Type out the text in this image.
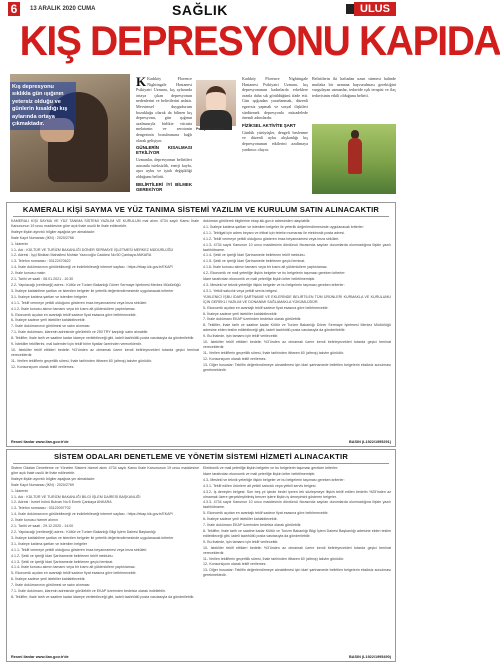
6	13 ARALIK 2020 CUMA	SAĞLIK	ULUS
KIŞ DEPRESYONU KAPIDA
Kış depresyonu sıklıkla gün ışığının yetersiz olduğu ve günlerin kısaldığı kış aylarında ortaya çıkmaktadır.
K Kadıköy Florence Nightingale Hastanesi Psikiyatri Uzmanı, kış aylarında ortaya çıkan depresyonun nedenlerini ve belirtilerini anlattı. Mevsimsel duygudurum bozukluğu olarak da bilinen kış depresyonu, gün ışığının azalmasıyla birlikte vücutta melatonin ve serotonin dengesinin bozulmasına bağlı olarak gelişiyor.
GÜNLERİN KISALMASI ETKİLİYOR
Uzmanlar, depresyonun belirtileri arasında isteksizlik, enerji kaybı, aşırı uyku ve iştah değişikliği olduğunu belirtti.
BELİRTİLERİ İYİ BİLMEK GEREKİYOR
Psikiyatri Uzmanı
Kadıköy Florence Nightingale Hastanesi Psikiyatri Uzmanı, kış depresyonunun kadınlarda erkeklere oranla daha sık görüldüğünü ifade etti. Gün ışığından yararlanmak, düzenli egzersiz yapmak ve sosyal ilişkileri sürdürmek depresyonla mücadelede önemli adımlardır.
FİZİKSEL AKTİVİTE ŞART
Günlük yürüyüşler, dengeli beslenme ve düzenli uyku alışkanlığı kış depresyonunun etkilerini azaltmaya yardımcı oluyor.
Belirtilerin iki haftadan uzun sürmesi halinde mutlaka bir uzmana başvurulması gerektiğini vurgulayan uzmanlar, tedavide ışık terapisi ve ilaç tedavisinin etkili olduğunu belirtti.
KAMERALI KİŞİ SAYMA VE YÜZ TANIMA SİSTEMİ YAZILIM VE KURULUM SATIN ALINACAKTIR

KAMERALI KİŞİ SAYMA VE YÜZ TANIMA SİSTEMİ YAZILIM VE KURULUM mal alımı 4734 sayılı Kamu İhale Kanununun 19 uncu maddesine göre açık ihale usulü ile ihale edilecektir.

İhaleye ilişkin ayrıntılı bilgiler aşağıda yer almaktadır:

İhale Kayıt Numarası (İKN) : 2020/2766

1- İdarenin

1.1- Adı : KÜLTÜR VE TURİZM BAKANLIĞI DÖNER SERMAYE İŞLETMESİ MERKEZ MÜDÜRLÜĞÜ

1.2- Adresi : İşçi Blokları Mahallesi Muhsin Yazıcıoğlu Caddesi No:50 Çankaya ANKARA

1.3- Telefon numarası : 03122470622

1.4- İhale dokümanının görülebileceği ve indirilebileceği internet sayfası : https://ekap.kik.gov.tr/EKAP/

2- İhale konusu malın

2.1- Tarihi ve saati : 08.01.2021 - 10:30

2.2- Yapılacağı (verileceği) adres : Kültür ve Turizm Bakanlığı Döner Sermaye İşletmesi Merkez Müdürlüğü

3- İhaleye katılabilme şartları ve istenilen belgeler ile yeterlik değerlendirmesinde uygulanacak kriterler

3.1- İhaleye katılma şartları ve istenilen belgeler

4.1.1- Teklif vermeye yetkili olduğunu gösteren imza beyannamesi veya imza sirküleri.

4.1.2- İhale konusu alımın tamamı veya bir kısmı alt yüklenicilere yaptırılamaz.

5- Ekonomik açıdan en avantajlı teklif sadece fiyat esasına göre belirlenecektir.

6- İhaleye sadece yerli istekliler katılabilecektir.

7- İhale dokümanının görülmesi ve satın alınması

7.1- İhale dokümanı, idarenin adresinde görülebilir ve 250 TRY karşılığı satın alınabilir.

8- Teklifler, ihale tarih ve saatine kadar idareye verilebileceği gibi, iadeli taahhütlü posta vasıtasıyla da gönderilebilir.

9- İstekliler tekliflerini, mal kalemleri için teklif birim fiyatlar üzerinden vereceklerdir.

10- İstekliler teklif ettikleri bedelin %3'ünden az olmamak üzere kendi belirleyecekleri tutarda geçici teminat vereceklerdir.

11- Verilen tekliflerin geçerlilik süresi, ihale tarihinden itibaren 60 (altmış) takvim günüdür.

12- Konsorsiyum olarak teklif verilemez.

doküman görülerek bilgilerine ekap.kik.gov.tr adresinden ulaşılabilir.

4.1- İhaleye katılma şartları ve istenilen belgeler ile yeterlik değerlendirmesinde uygulanacak kriterler:

4.1.1- Tebligat için adres beyanı ve irtibat için telefon numarası ile elektronik posta adresi.

4.1.2- Teklif vermeye yetkili olduğunu gösteren imza beyannamesi veya imza sirküleri.

4.1.3- 4734 sayılı Kanunun 10 uncu maddesinin dördüncü fıkrasında sayılan durumlarda olunmadığına ilişkin yazılı taahhütname.

4.1.4- Şekli ve içeriği İdari Şartnamede belirlenen teklif mektubu.

4.1.5- Şekli ve içeriği İdari Şartnamede belirlenen geçici teminat.

4.1.6- İhale konusu alımın tamamı veya bir kısmı alt yüklenicilere yaptırılamaz.

4.2- Ekonomik ve mali yeterliğe ilişkin belgeler ve bu belgelerin taşıması gereken kriterler:

İdare tarafından ekonomik ve mali yeterliğe ilişkin kriter belirtilmemiştir.

4.3- Mesleki ve teknik yeterliğe ilişkin belgeler ve bu belgelerin taşıması gereken kriterler:

4.3.1- Yetkili satıcılık veya yetkili servis belgesi.

YÜKLENİCİ İŞBU İDARİ ŞARTNAME VE EKLERİNDE BELİRTİLEN TÜM ÜRÜNLERİ KURMAKLA VE KURULUMU İÇİN GEREKLİ YAZILIM VE DONANIMI SAĞLAMAKLA YÜKÜMLÜDÜR.

5- Ekonomik açıdan en avantajlı teklif sadece fiyat esasına göre belirlenecektir.

6- İhaleye sadece yerli istekliler katılabilecektir.

7- İhale dokümanı EKAP üzerinden bedelsiz olarak görülebilir.

8- Teklifler, ihale tarih ve saatine kadar Kültür ve Turizm Bakanlığı Döner Sermaye İşletmesi Merkez Müdürlüğü adresine elden teslim edilebileceği gibi, iadeli taahhütlü posta vasıtasıyla da gönderilebilir.

9- Bu ihalede, işin tamamı için teklif verilecektir.

10- İstekliler teklif ettikleri bedelin %3'ünden az olmamak üzere kendi belirleyecekleri tutarda geçici teminat vereceklerdir.

11- Verilen tekliflerin geçerlilik süresi, ihale tarihinden itibaren 60 (altmış) takvim günüdür.

12- Konsorsiyum olarak teklif verilemez.

13- Diğer hususlar: Teklifin değerlendirmeye alınabilmesi için idari şartnamede belirtilen belgelerin eksiksiz sunulması gerekmektedir.

Resmî ilanlar www.ilan.gov.tr'de	BASIN (L1922/1995291)
SİSTEM ODALARI DENETLEME VE YÖNETİM SİSTEMİ HİZMETİ ALINACAKTIR

Sistem Odaları Denetleme ve Yönetim Sistemi hizmet alımı 4734 sayılı Kamu İhale Kanununun 19 uncu maddesine göre açık ihale usulü ile ihale edilecektir.

İhaleye ilişkin ayrıntılı bilgiler aşağıda yer almaktadır:

İhale Kayıt Numarası (İKN) : 2020/2769

1- İdarenin

1.1- Adı : KÜLTÜR VE TURİZM BAKANLIĞI BİLGİ İŞLEM DAİRESİ BAŞKANLIĞI

1.2- Adresi : İsmet İnönü Bulvarı No:5 Emek Çankaya ANKARA

1.3- Telefon numarası : 03122097702

1.4- İhale dokümanının görülebileceği ve indirilebileceği internet sayfası : https://ekap.kik.gov.tr/EKAP/

2- İhale konusu hizmet alımın

2.1- Tarihi ve saati : 29.12.2020 - 14:00

2.2- Yapılacağı (verileceği) adres : Kültür ve Turizm Bakanlığı Bilgi İşlem Dairesi Başkanlığı

3- İhaleye katılabilme şartları ve istenilen belgeler ile yeterlik değerlendirmesinde uygulanacak kriterler

3.1- İhaleye katılma şartları ve istenilen belgeler

4.1.1- Teklif vermeye yetkili olduğunu gösteren imza beyannamesi veya imza sirküleri.

4.1.2- Şekli ve içeriği İdari Şartnamede belirlenen teklif mektubu.

4.1.3- Şekli ve içeriği İdari Şartnamede belirlenen geçici teminat.

4.1.4- İhale konusu alımın tamamı veya bir kısmı alt yüklenicilere yaptırılamaz.

5- Ekonomik açıdan en avantajlı teklif sadece fiyat esasına göre belirlenecektir.

6- İhaleye sadece yerli istekliler katılabilecektir.

7- İhale dokümanının görülmesi ve satın alınması

7.1- İhale dokümanı, idarenin adresinde görülebilir ve EKAP üzerinden bedelsiz olarak indirilebilir.

8- Teklifler, ihale tarih ve saatine kadar idareye verilebileceği gibi, iadeli taahhütlü posta vasıtasıyla da gönderilebilir.

Elektronik ve mali yeterliğe ilişkin belgeler ve bu belgelerin taşıması gereken kriterler:

İdare tarafından ekonomik ve mali yeterliğe ilişkin kriter belirtilmemiştir.

4.3- Mesleki ve teknik yeterliğe ilişkin belgeler ve bu belgelerin taşıması gereken kriterler:

4.3.1- Teklif edilen ürünlere ait yetkili satıcılık veya yetkili servis belgesi.

4.3.2- İş deneyim belgesi: Son beş yıl içinde bedel içeren tek sözleşmeye ilişkin teklif edilen bedelin %25'inden az olmamak üzere gerçekleştirilmiş benzer işlere ilişkin iş deneyimini gösteren belgeler.

4.3.3- 4734 sayılı Kanunun 10 uncu maddesinin dördüncü fıkrasında sayılan durumlarda olunmadığına ilişkin yazılı taahhütname.

5- Ekonomik açıdan en avantajlı teklif sadece fiyat esasına göre belirlenecektir.

6- İhaleye sadece yerli istekliler katılabilecektir.

7- İhale dokümanı EKAP üzerinden bedelsiz olarak görülebilir.

8- Teklifler, ihale tarih ve saatine kadar Kültür ve Turizm Bakanlığı Bilgi İşlem Dairesi Başkanlığı adresine elden teslim edilebileceği gibi, iadeli taahhütlü posta vasıtasıyla da gönderilebilir.

9- Bu ihalede, işin tamamı için teklif verilecektir.

10- İstekliler teklif ettikleri bedelin %3'ünden az olmamak üzere kendi belirleyecekleri tutarda geçici teminat vereceklerdir.

11- Verilen tekliflerin geçerlilik süresi, ihale tarihinden itibaren 60 (altmış) takvim günüdür.

12- Konsorsiyum olarak teklif verilemez.

13- Diğer hususlar: Teklifin değerlendirmeye alınabilmesi için idari şartnamede belirtilen belgelerin eksiksiz sunulması gerekmektedir.

Resmî ilanlar www.ilan.gov.tr'de	BASIN (L1922/1995490)
